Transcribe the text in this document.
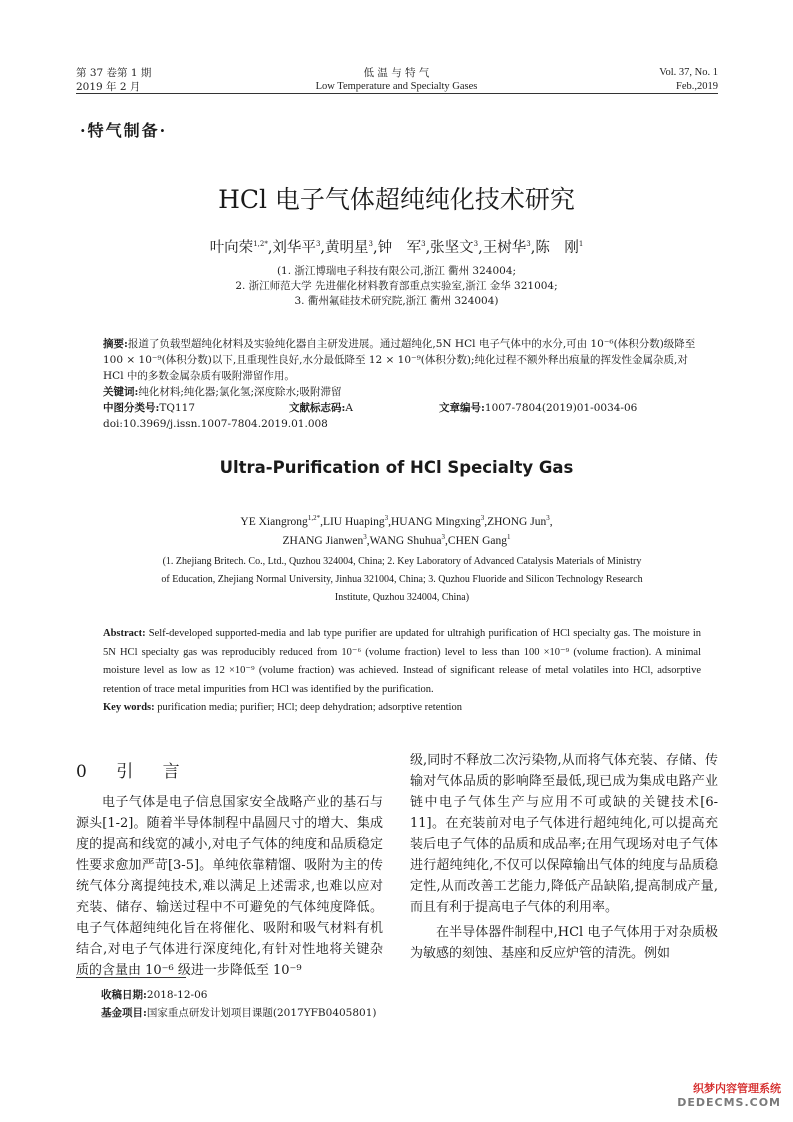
第 37 卷第 1 期
2019 年 2 月
低 温 与 特 气
Low Temperature and Specialty Gases
Vol. 37, No. 1
Feb.,2019
·特气制备·
HCl 电子气体超纯纯化技术研究
叶向荣$^{1,2*}$,刘华平$^3$,黄明星$^3$,钟　军$^3$,张坚文$^3$,王树华$^3$,陈　刚$^1$
(1. 浙江博瑞电子科技有限公司,浙江 衢州 324004;
2. 浙江师范大学 先进催化材料教育部重点实验室,浙江 金华 321004;
3. 衢州氟硅技术研究院,浙江 衢州 324004)
摘要:报道了负载型超纯化材料及实验纯化器自主研发进展。通过超纯化,5N HCl 电子气体中的水分,可由 10⁻⁶(体积分数)级降至 100 × 10⁻⁹(体积分数)以下,且重现性良好,水分最低降至 12 × 10⁻⁹(体积分数);纯化过程不额外释出痕量的挥发性金属杂质,对 HCl 中的多数金属杂质有吸附滞留作用。
关键词:纯化材料;纯化器;氯化氢;深度除水;吸附滞留
中图分类号:TQ117	文献标志码:A	文章编号:1007-7804(2019)01-0034-06
doi:10.3969/j.issn.1007-7804.2019.01.008
Ultra-Purification of HCl Specialty Gas
YE Xiangrong$^{1,2*}$,LIU Huaping$^3$,HUANG Mingxing$^3$,ZHONG Jun$^3$,
ZHANG Jianwen$^3$,WANG Shuhua$^3$,CHEN Gang$^1$
(1. Zhejiang Britech. Co., Ltd., Quzhou 324004, China; 2. Key Laboratory of Advanced Catalysis Materials of Ministry
of Education, Zhejiang Normal University, Jinhua 321004, China; 3. Quzhou Fluoride and Silicon Technology Research
Institute, Quzhou 324004, China)
Abstract: Self-developed supported-media and lab type purifier are updated for ultrahigh purification of HCl specialty gas. The moisture in 5N HCl specialty gas was reproducibly reduced from 10⁻⁶ (volume fraction) level to less than 100 ×10⁻⁹ (volume fraction). A minimal moisture level as low as 12 ×10⁻⁹ (volume fraction) was achieved. Instead of significant release of metal volatiles into HCl, adsorptive retention of trace metal impurities from HCl was identified by the purification.
Key words: purification media; purifier; HCl; deep dehydration; adsorptive retention
0 引 言
电子气体是电子信息国家安全战略产业的基石与源头[1-2]。随着半导体制程中晶圆尺寸的增大、集成度的提高和线宽的减小,对电子气体的纯度和品质稳定性要求愈加严苛[3-5]。单纯依靠精馏、吸附为主的传统气体分离提纯技术,难以满足上述需求,也难以应对充装、储存、输送过程中不可避免的气体纯度降低。电子气体超纯纯化旨在将催化、吸附和吸气材料有机结合,对电子气体进行深度纯化,有针对性地将关键杂质的含量由 10⁻⁶ 级进一步降低至 10⁻⁹
级,同时不释放二次污染物,从而将气体充装、存储、传输对气体品质的影响降至最低,现已成为集成电路产业链中电子气体生产与应用不可或缺的关键技术[6-11]。在充装前对电子气体进行超纯纯化,可以提高充装后电子气体的品质和成品率;在用气现场对电子气体进行超纯纯化,不仅可以保障输出气体的纯度与品质稳定性,从而改善工艺能力,降低产品缺陷,提高制成产量,而且有利于提高电子气体的利用率。
在半导体器件制程中,HCl 电子气体用于对杂质极为敏感的刻蚀、基座和反应炉管的清洗。例如
收稿日期:2018-12-06
基金项目:国家重点研发计划项目课题(2017YFB0405801)
织梦内容管理系统
DEDECMS.COM
